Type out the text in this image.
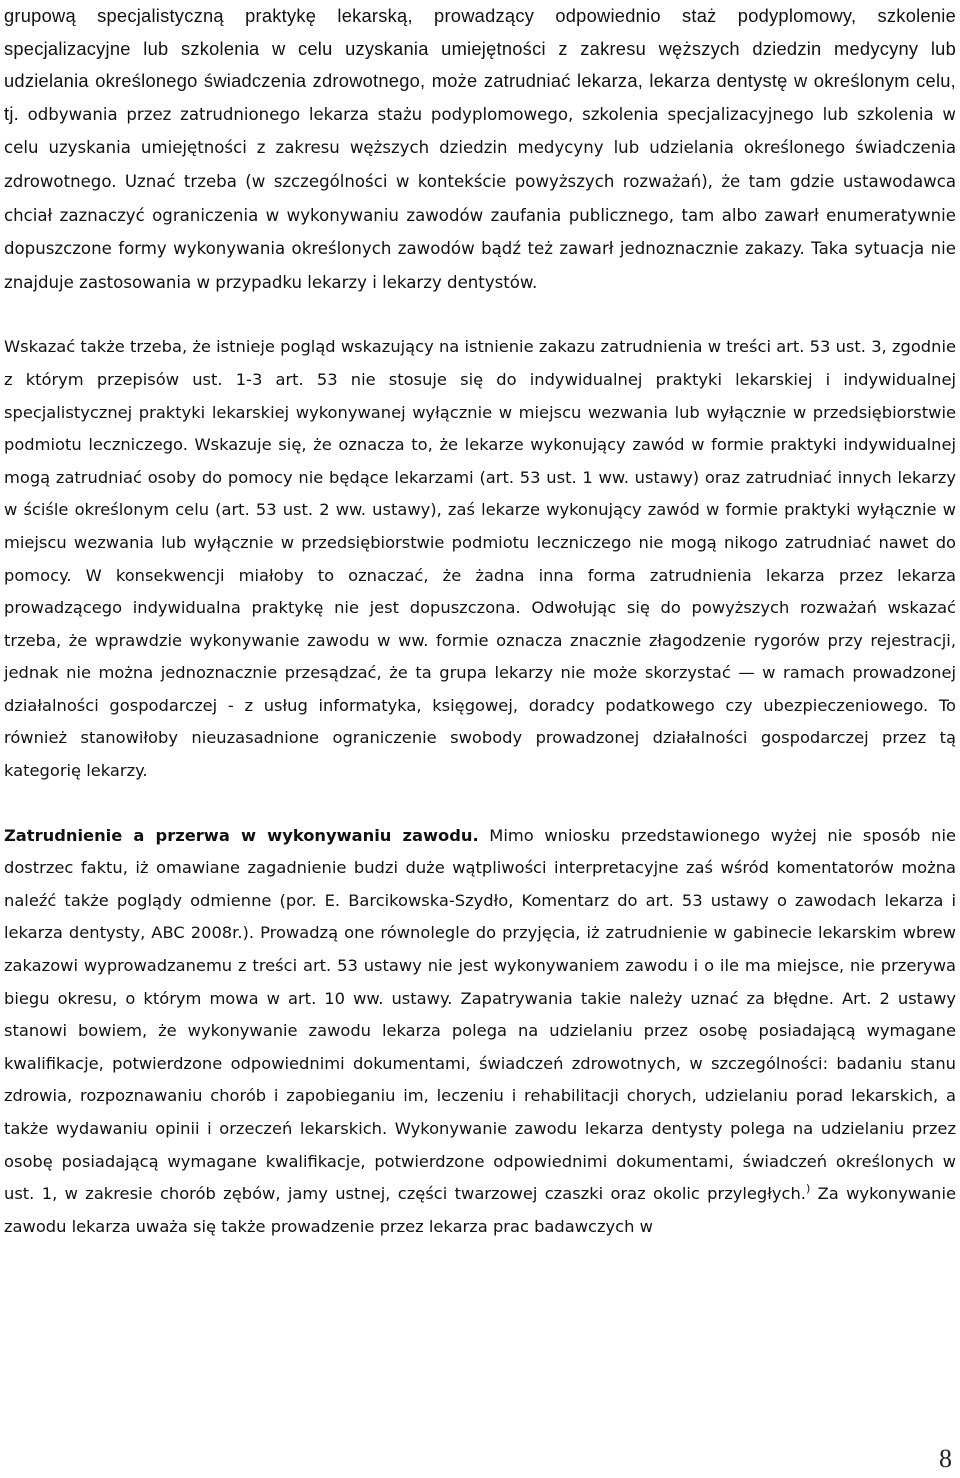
grupową specjalistyczną praktykę lekarską, prowadzący odpowiednio staż podyplomowy, szkolenie specjalizacyjne lub szkolenia w celu uzyskania umiejętności z zakresu węższych dziedzin medycyny lub udzielania określonego świadczenia zdrowotnego, może zatrudniać lekarza, lekarza dentystę w określonym celu, tj. odbywania przez zatrudnionego lekarza stażu podyplomowego, szkolenia specjalizacyjnego lub szkolenia w celu uzyskania umiejętności z zakresu węższych dziedzin medycyny lub udzielania określonego świadczenia zdrowotnego. Uznać trzeba (w szczególności w kontekście powyższych rozważań), że tam gdzie ustawodawca chciał zaznaczyć ograniczenia w wykonywaniu zawodów zaufania publicznego, tam albo zawarł enumeratywnie dopuszczone formy wykonywania określonych zawodów bądź też zawarł jednoznacznie zakazy. Taka sytuacja nie znajduje zastosowania w przypadku lekarzy i lekarzy dentystów.

Wskazać także trzeba, że istnieje pogląd wskazujący na istnienie zakazu zatrudnienia w treści art. 53 ust. 3, zgodnie z którym przepisów ust. 1-3 art. 53 nie stosuje się do indywidualnej praktyki lekarskiej i indywidualnej specjalistycznej praktyki lekarskiej wykonywanej wyłącznie w miejscu wezwania lub wyłącznie w przedsiębiorstwie podmiotu leczniczego. Wskazuje się, że oznacza to, że lekarze wykonujący zawód w formie praktyki indywidualnej mogą zatrudniać osoby do pomocy nie będące lekarzami (art. 53 ust. 1 ww. ustawy) oraz zatrudniać innych lekarzy w ściśle określonym celu (art. 53 ust. 2 ww. ustawy), zaś lekarze wykonujący zawód w formie praktyki wyłącznie w miejscu wezwania lub wyłącznie w przedsiębiorstwie podmiotu leczniczego nie mogą nikogo zatrudniać nawet do pomocy. W konsekwencji miałoby to oznaczać, że żadna inna forma zatrudnienia lekarza przez lekarza prowadzącego indywidualna praktykę nie jest dopuszczona. Odwołując się do powyższych rozważań wskazać trzeba, że wprawdzie wykonywanie zawodu w ww. formie oznacza znacznie złagodzenie rygorów przy rejestracji, jednak nie można jednoznacznie przesądzać, że ta grupa lekarzy nie może skorzystać — w ramach prowadzonej działalności gospodarczej - z usług informatyka, księgowej, doradcy podatkowego czy ubezpieczeniowego. To również stanowiłoby nieuzasadnione ograniczenie swobody prowadzonej działalności gospodarczej przez tą kategorię lekarzy.

Zatrudnienie a przerwa w wykonywaniu zawodu. Mimo wniosku przedstawionego wyżej nie sposób nie dostrzec faktu, iż omawiane zagadnienie budzi duże wątpliwości interpretacyjne zaś wśród komentatorów można naleźć także poglądy odmienne (por. E. Barcikowska-Szydło, Komentarz do art. 53 ustawy o zawodach lekarza i lekarza dentysty, ABC 2008r.). Prowadzą one równolegle do przyjęcia, iż zatrudnienie w gabinecie lekarskim wbrew zakazowi wyprowadzanemu z treści art. 53 ustawy nie jest wykonywaniem zawodu i o ile ma miejsce, nie przerywa biegu okresu, o którym mowa w art. 10 ww. ustawy. Zapatrywania takie należy uznać za błędne. Art. 2 ustawy stanowi bowiem, że wykonywanie zawodu lekarza polega na udzielaniu przez osobę posiadającą wymagane kwalifikacje, potwierdzone odpowiednimi dokumentami, świadczeń zdrowotnych, w szczególności: badaniu stanu zdrowia, rozpoznawaniu chorób i zapobieganiu im, leczeniu i rehabilitacji chorych, udzielaniu porad lekarskich, a także wydawaniu opinii i orzeczeń lekarskich. Wykonywanie zawodu lekarza dentysty polega na udzielaniu przez osobę posiadającą wymagane kwalifikacje, potwierdzone odpowiednimi dokumentami, świadczeń określonych w ust. 1, w zakresie chorób zębów, jamy ustnej, części twarzowej czaszki oraz okolic przyległych.) Za wykonywanie zawodu lekarza uważa się także prowadzenie przez lekarza prac badawczych w

8
